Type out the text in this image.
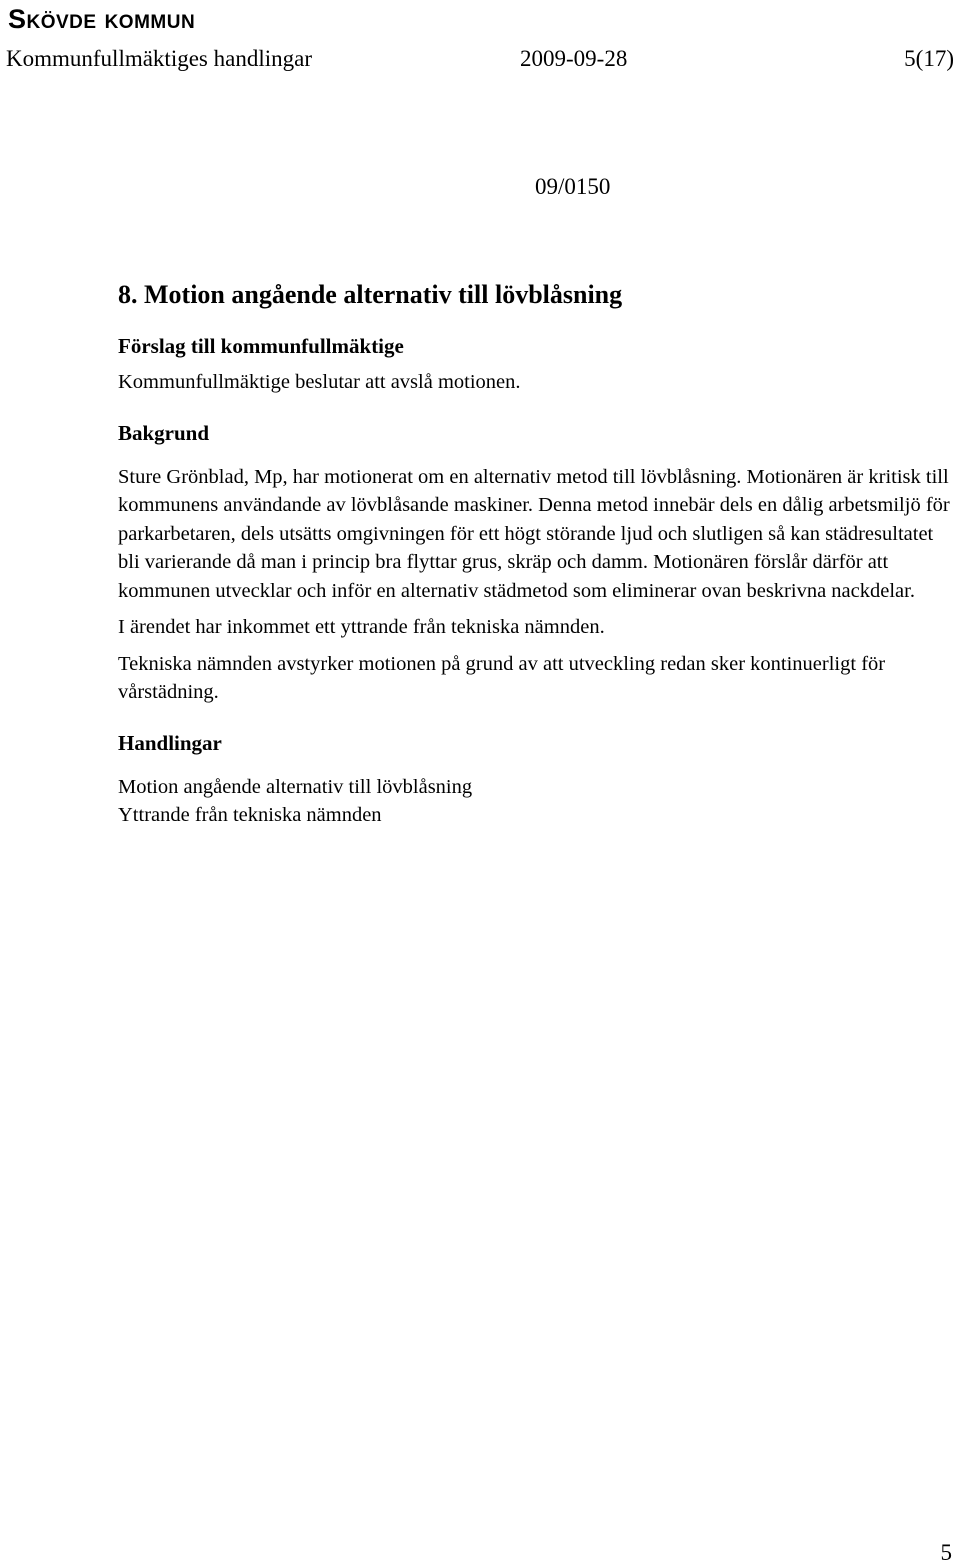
Skövde kommun
Kommunfullmäktiges handlingar	2009-09-28	5(17)
09/0150
8. Motion angående alternativ till lövblåsning
Förslag till kommunfullmäktige
Kommunfullmäktige beslutar att avslå motionen.
Bakgrund
Sture Grönblad, Mp, har motionerat om en alternativ metod till lövblåsning. Motionären är kritisk till kommunens användande av lövblåsande maskiner. Denna metod innebär dels en dålig arbetsmiljö för parkarbetaren, dels utsätts omgivningen för ett högt störande ljud och slutligen så kan städresultatet bli varierande då man i princip bra flyttar grus, skräp och damm. Motionären förslår därför att kommunen utvecklar och inför en alternativ städmetod som eliminerar ovan beskrivna nackdelar.
I ärendet har inkommet ett yttrande från tekniska nämnden.
Tekniska nämnden avstyrker motionen på grund av att utveckling redan sker kontinuerligt för vårstädning.
Handlingar
Motion angående alternativ till lövblåsning
Yttrande från tekniska nämnden
5
